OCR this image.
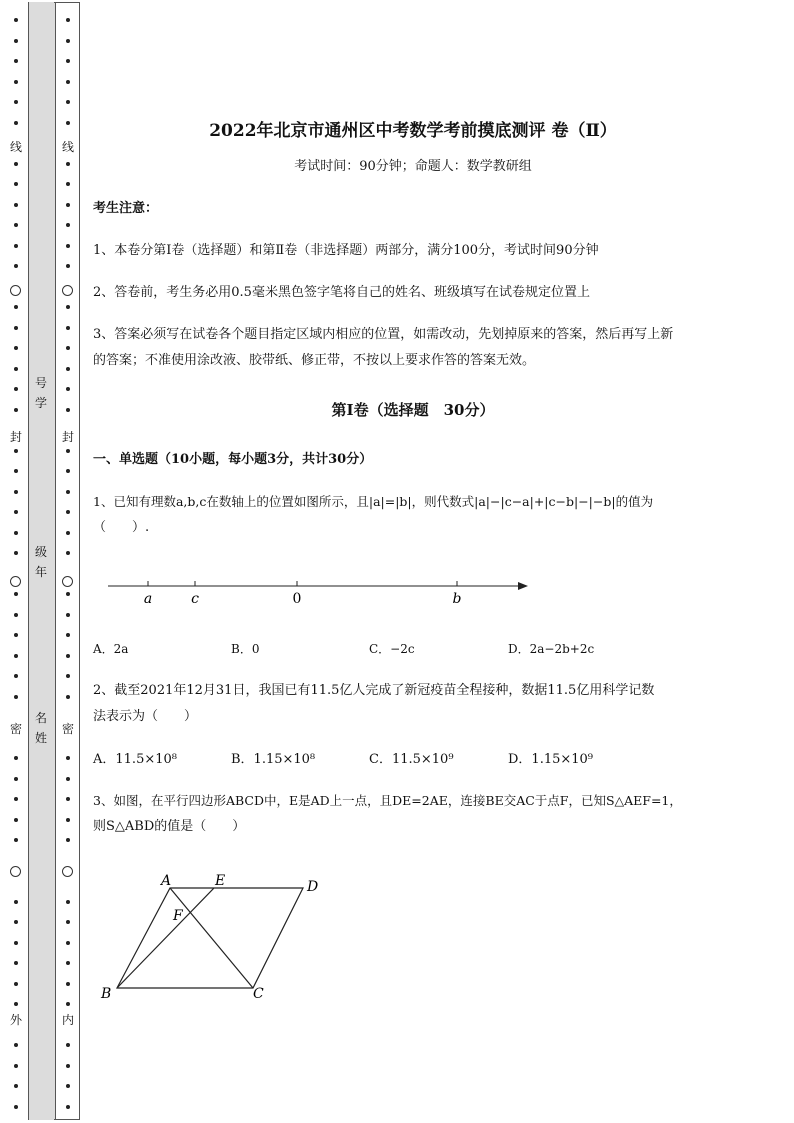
线
封
密
外
线
封
密
内
号
学
级
年
名
姓
2022年北京市通州区中考数学考前摸底测评 卷（Ⅱ）
考试时间：90分钟；命题人：数学教研组
考生注意：
1、本卷分第Ⅰ卷（选择题）和第Ⅱ卷（非选择题）两部分，满分100分，考试时间90分钟
2、答卷前，考生务必用0.5毫米黑色签字笔将自己的姓名、班级填写在试卷规定位置上
3、答案必须写在试卷各个题目指定区域内相应的位置，如需改动，先划掉原来的答案，然后再写上新
的答案；不准使用涂改液、胶带纸、修正带，不按以上要求作答的答案无效。
第Ⅰ卷（选择题　30分）
一、单选题（10小题，每小题3分，共计30分）
1、已知有理数a,b,c在数轴上的位置如图所示，且|a|=|b|，则代数式|a|−|c−a|+|c−b|−|−b|的值为
（　　）.
a	c	0	b
A．2a	B．0	C．−2c	D．2a−2b+2c
2、截至2021年12月31日，我国已有11.5亿人完成了新冠疫苗全程接种，数据11.5亿用科学记数
法表示为（　　）
A．11.5×10⁸	B．1.15×10⁸	C．11.5×10⁹	D．1.15×10⁹
3、如图，在平行四边形ABCD中，E是AD上一点，且DE=2AE，连接BE交AC于点F，已知S△AEF=1，
则S△ABD的值是（　　）
A	E	D
F
B	C
